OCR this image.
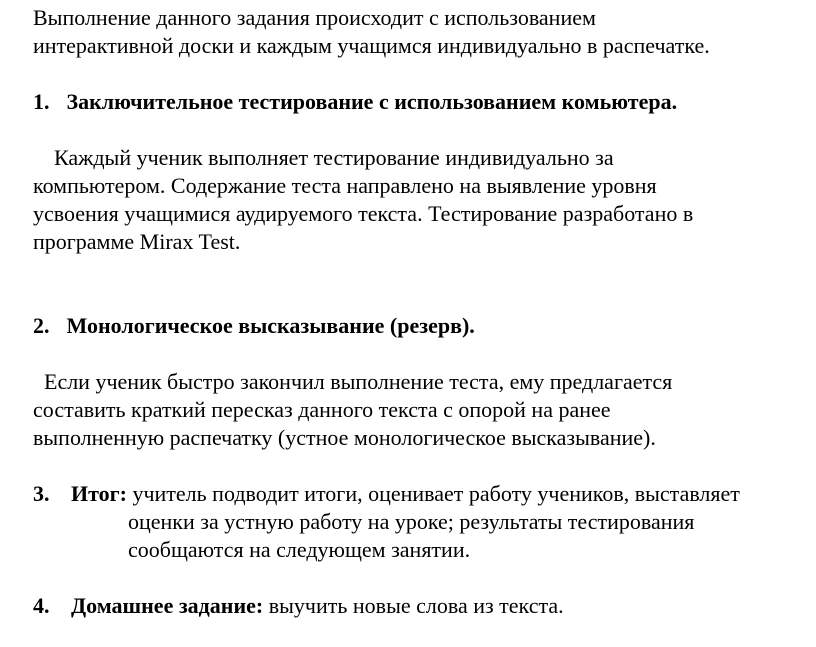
Выполнение данного задания происходит с использованием
интерактивной доски и каждым учащимся индивидуально в распечатке.
1. Заключительное тестирование с использованием комьютера.
Каждый ученик выполняет тестирование индивидуально за
компьютером. Содержание теста направлено на выявление уровня
усвоения учащимися аудируемого текста. Тестирование разработано в
программе Mirax Test.
2. Монологическое высказывание (резерв).
Если ученик быстро закончил выполнение теста, ему предлагается
составить краткий пересказ данного текста с опорой на ранее
выполненную распечатку (устное монологическое высказывание).
3. Итог: учитель подводит итоги, оценивает работу учеников, выставляет
оценки за устную работу на уроке; результаты тестирования
сообщаются на следующем занятии.
4. Домашнее задание: выучить новые слова из текста.
